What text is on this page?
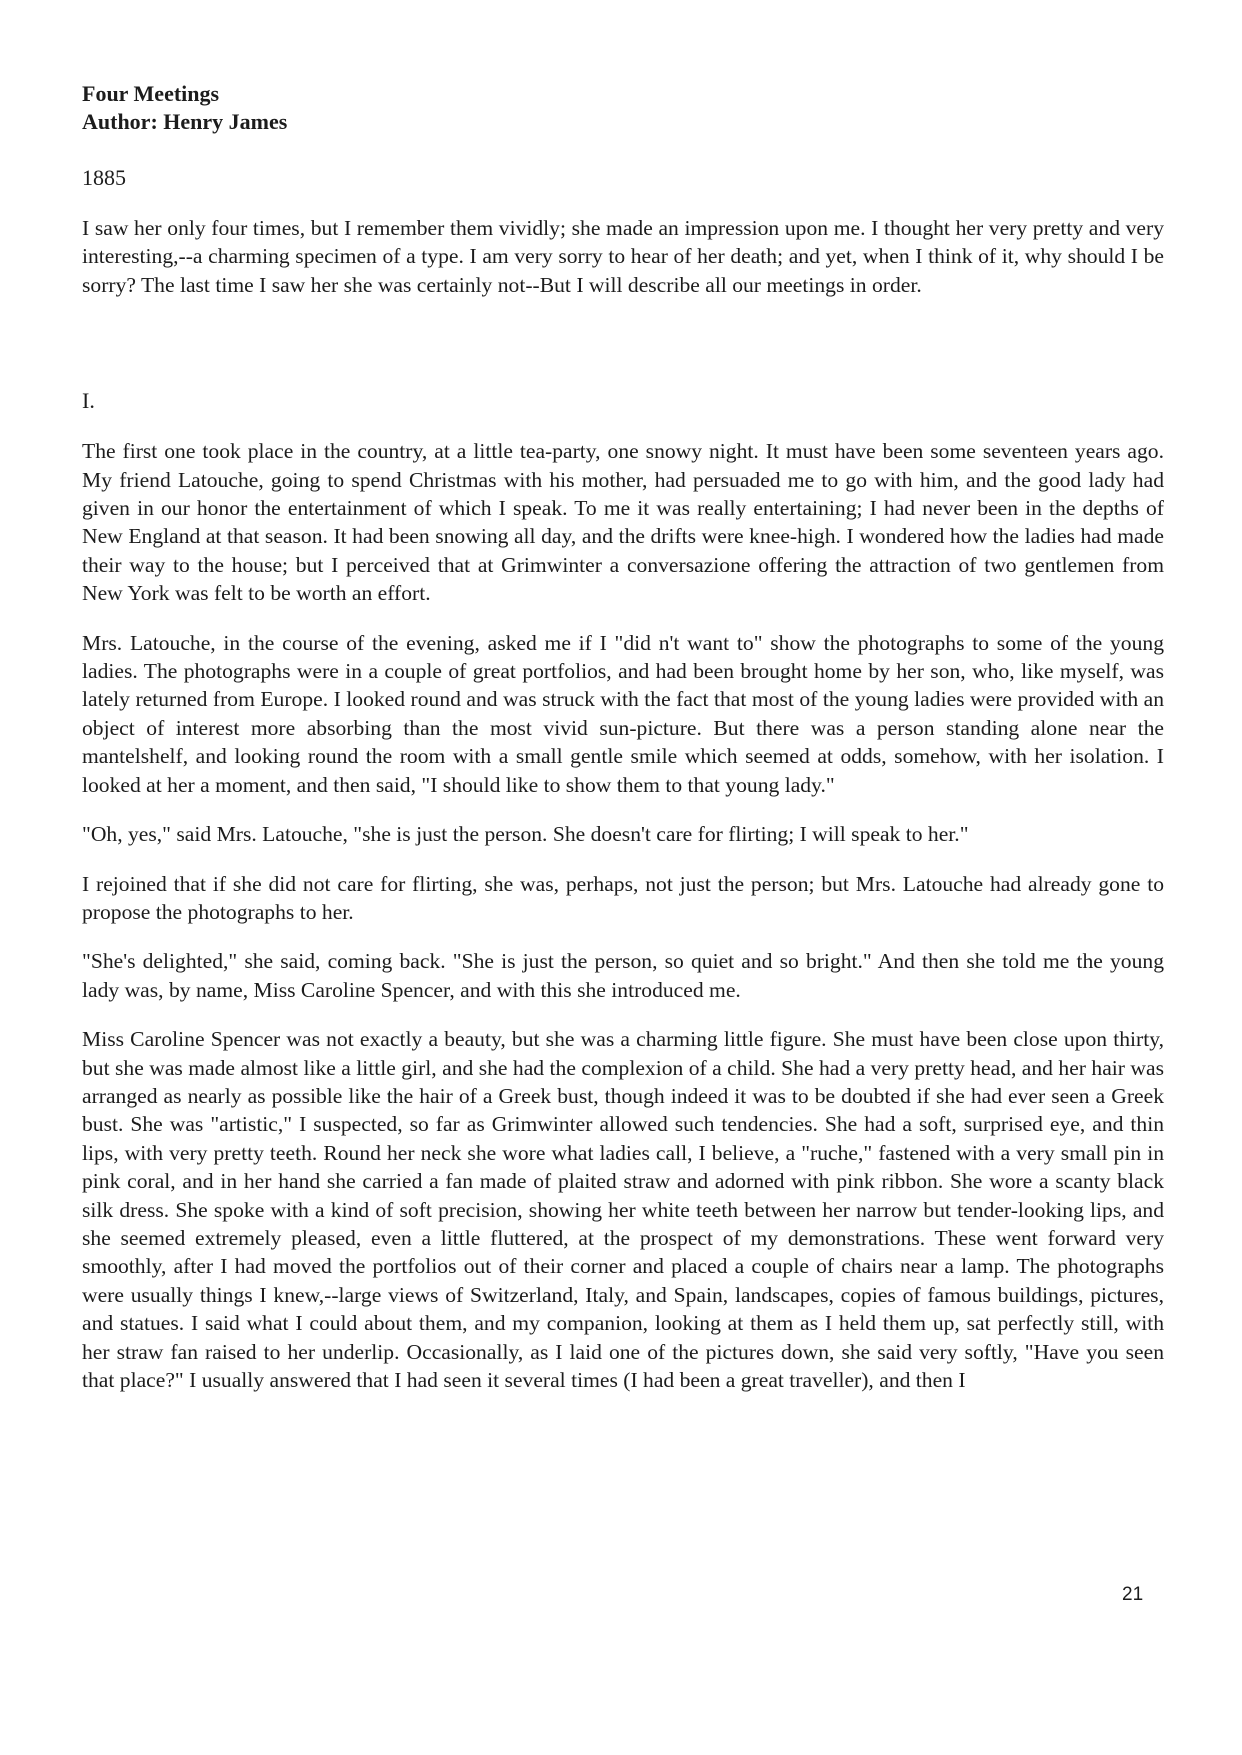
Four Meetings
Author: Henry James
1885

I saw her only four times, but I remember them vividly; she made an impression upon me. I thought her very pretty and very interesting,--a charming specimen of a type. I am very sorry to hear of her death; and yet, when I think of it, why should I be sorry? The last time I saw her she was certainly not--But I will describe all our meetings in order.

I.

The first one took place in the country, at a little tea-party, one snowy night. It must have been some seventeen years ago. My friend Latouche, going to spend Christmas with his mother, had persuaded me to go with him, and the good lady had given in our honor the entertainment of which I speak. To me it was really entertaining; I had never been in the depths of New England at that season. It had been snowing all day, and the drifts were knee-high. I wondered how the ladies had made their way to the house; but I perceived that at Grimwinter a conversazione offering the attraction of two gentlemen from New York was felt to be worth an effort.

Mrs. Latouche, in the course of the evening, asked me if I "did n't want to" show the photographs to some of the young ladies. The photographs were in a couple of great portfolios, and had been brought home by her son, who, like myself, was lately returned from Europe. I looked round and was struck with the fact that most of the young ladies were provided with an object of interest more absorbing than the most vivid sun-picture. But there was a person standing alone near the mantelshelf, and looking round the room with a small gentle smile which seemed at odds, somehow, with her isolation. I looked at her a moment, and then said, "I should like to show them to that young lady."

"Oh, yes," said Mrs. Latouche, "she is just the person. She doesn't care for flirting; I will speak to her."

I rejoined that if she did not care for flirting, she was, perhaps, not just the person; but Mrs. Latouche had already gone to propose the photographs to her.

"She's delighted," she said, coming back. "She is just the person, so quiet and so bright." And then she told me the young lady was, by name, Miss Caroline Spencer, and with this she introduced me.

Miss Caroline Spencer was not exactly a beauty, but she was a charming little figure. She must have been close upon thirty, but she was made almost like a little girl, and she had the complexion of a child. She had a very pretty head, and her hair was arranged as nearly as possible like the hair of a Greek bust, though indeed it was to be doubted if she had ever seen a Greek bust. She was "artistic," I suspected, so far as Grimwinter allowed such tendencies. She had a soft, surprised eye, and thin lips, with very pretty teeth. Round her neck she wore what ladies call, I believe, a "ruche," fastened with a very small pin in pink coral, and in her hand she carried a fan made of plaited straw and adorned with pink ribbon. She wore a scanty black silk dress. She spoke with a kind of soft precision, showing her white teeth between her narrow but tender-looking lips, and she seemed extremely pleased, even a little fluttered, at the prospect of my demonstrations. These went forward very smoothly, after I had moved the portfolios out of their corner and placed a couple of chairs near a lamp. The photographs were usually things I knew,--large views of Switzerland, Italy, and Spain, landscapes, copies of famous buildings, pictures, and statues. I said what I could about them, and my companion, looking at them as I held them up, sat perfectly still, with her straw fan raised to her underlip. Occasionally, as I laid one of the pictures down, she said very softly, "Have you seen that place?" I usually answered that I had seen it several times (I had been a great traveller), and then I

21
